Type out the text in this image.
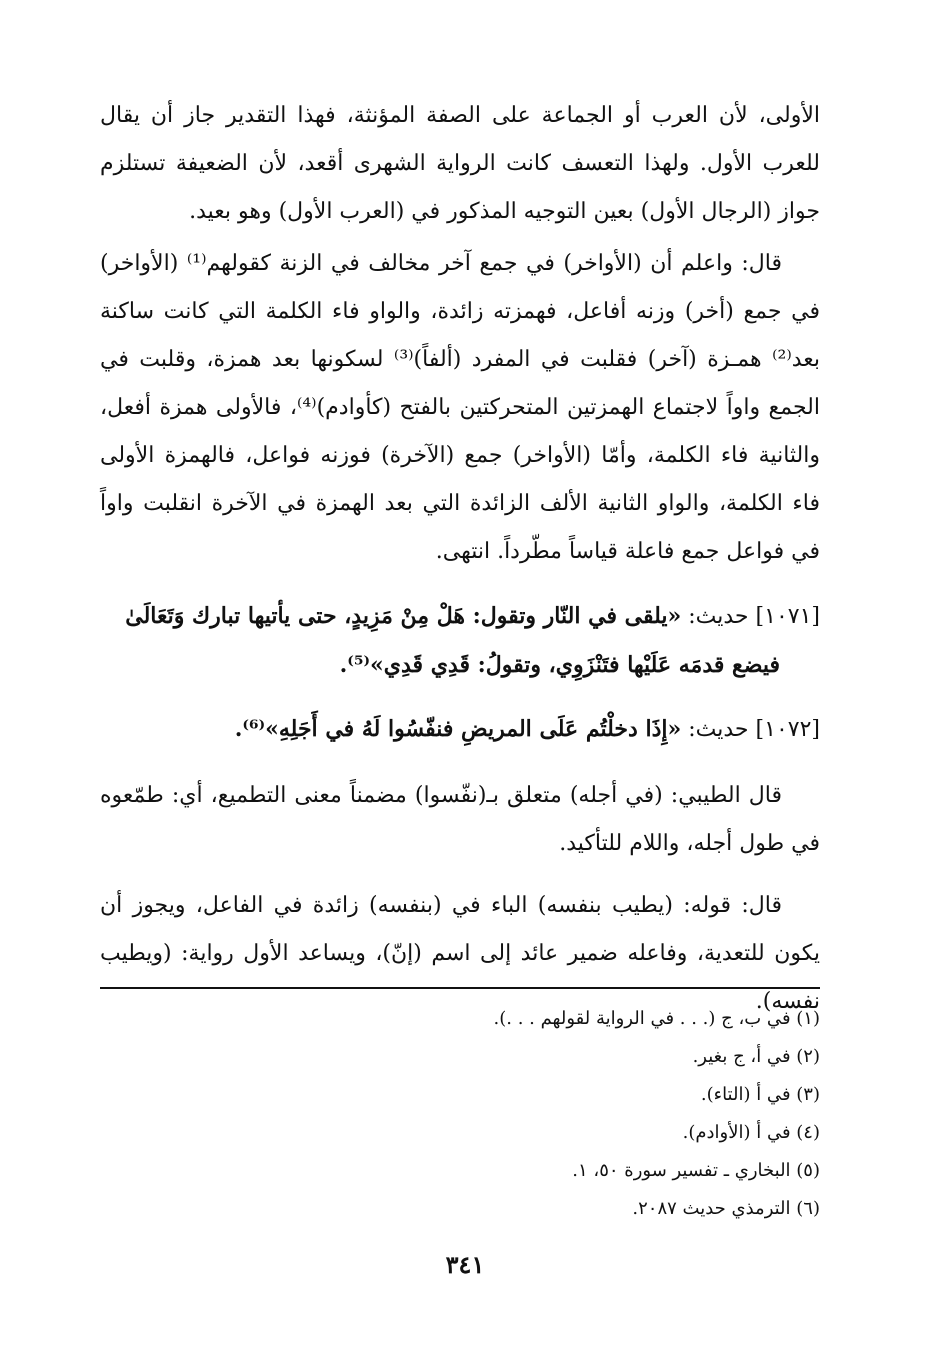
الأولى، لأن العرب أو الجماعة على الصفة المؤنثة، فهذا التقدير جاز أن يقال للعرب الأول. ولهذا التعسف كانت الرواية الشهرى أقعد، لأن الضعيفة تستلزم جواز (الرجال الأول) بعين التوجيه المذكور في (العرب الأول) وهو بعيد.

قال: واعلم أن (الأواخر) في جمع آخر مخالف في الزنة كقولهم⁽¹⁾ (الأواخر) في جمع (أخر) وزنه أفاعل، فهمزته زائدة، والواو فاء الكلمة التي كانت ساكنة بعد⁽²⁾ همـزة (آخر) فقلبت في المفرد (ألفاً)⁽³⁾ لسكونها بعد همزة، وقلبت في الجمع واواً لاجتماع الهمزتين المتحركتين بالفتح (كأوادم)⁽⁴⁾، فالأولى همزة أفعل، والثانية فاء الكلمة، وأمّا (الأواخر) جمع (الآخرة) فوزنه فواعل، فالهمزة الأولى فاء الكلمة، والواو الثانية الألف الزائدة التي بعد الهمزة في الآخرة انقلبت واواً في فواعل جمع فاعلة قياساً مطّرداً. انتهى.

[١٠٧١] حديث: «يلقى في النّار وتقول: هَلْ مِنْ مَزِيدٍ، حتى يأتيها تبارك وَتَعَالَىٰ
فيضع قدمَه عَلَيْها فتَنْزَوِي، وتقولُ: قَدِي قَدِي»⁽⁵⁾.

[١٠٧٢] حديث: «إِذَا دخلْتُم عَلَى المريضِ فنفّسُوا لَهُ في أَجَلِهِ»⁽⁶⁾.

قال الطيبي: (في أجله) متعلق بـ(نفّسوا) مضمناً معنى التطميع، أي: طمّعوه في طول أجله، واللام للتأكيد.

قال: قوله: (يطيب بنفسه) الباء في (بنفسه) زائدة في الفاعل، ويجوز أن يكون للتعدية، وفاعله ضمير عائد إلى اسم (إنّ)، ويساعد الأول رواية: (ويطيب نفسه).

(١) في ب، ج (. . . في الرواية لقولهم . . .).

(٢) في أ، ج بغير.

(٣) في أ (التاء).

(٤) في أ (الأوادم).

(٥) البخاري ـ تفسير سورة ٥٠، ١.

(٦) الترمذي حديث ٢٠٨٧.

٣٤١
